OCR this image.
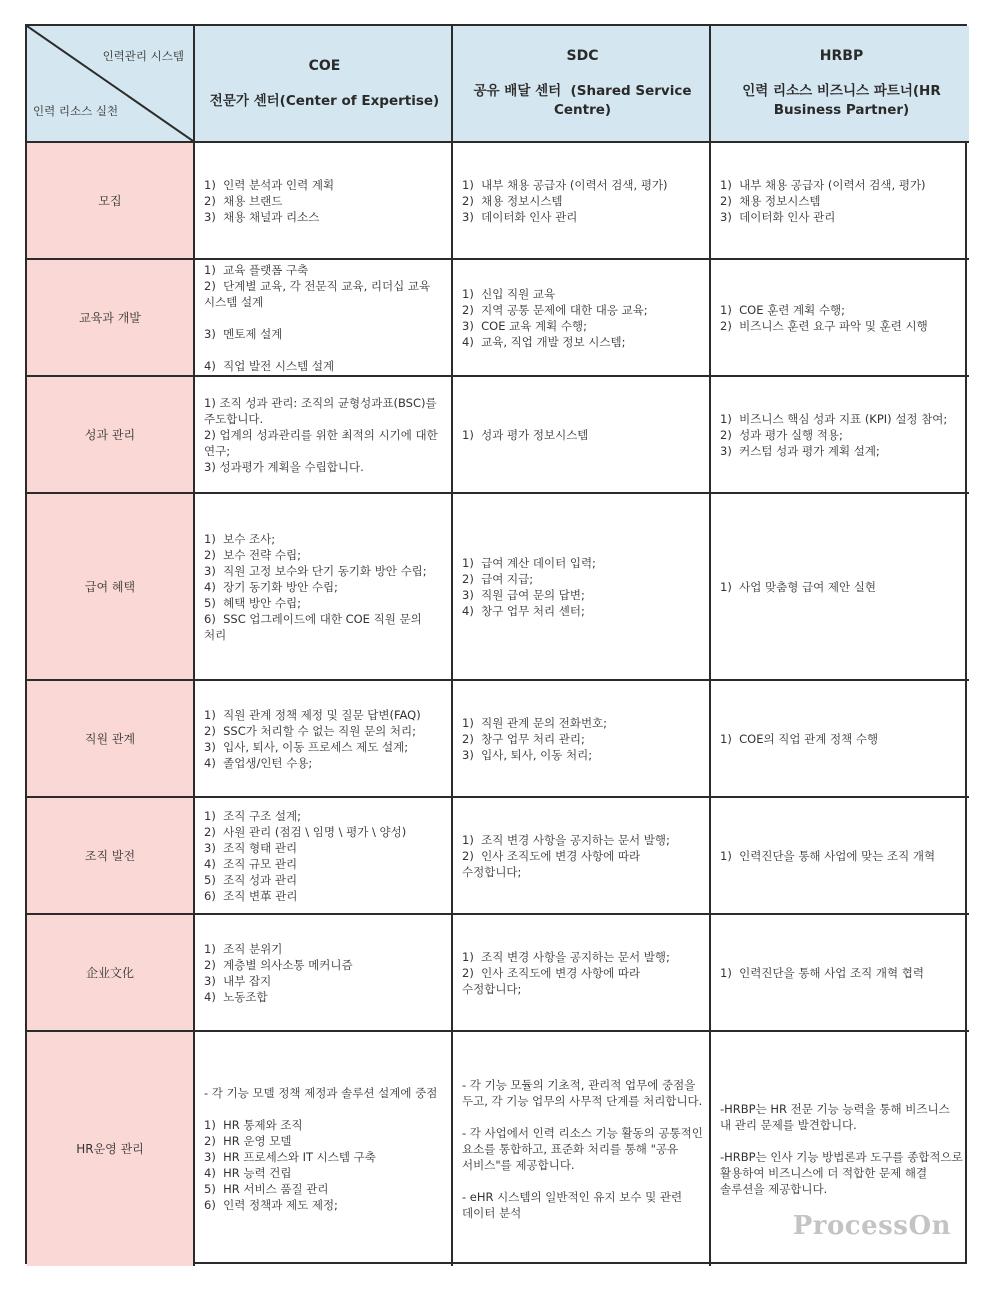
인력관리 시스템
인력 리소스 실천
COE
전문가 센터(Center of Expertise)
SDC
공유 배달 센터  (Shared Service Centre)
HRBP
인력 리소스 비즈니스 파트너(HR Business Partner)
모집
1)  인력 분석과 인력 계획
2)  채용 브랜드
3)  채용 채널과 리소스
1)  내부 채용 공급자 (이력서 검색, 평가)
2)  채용 정보시스템
3)  데이터화 인사 관리
1)  내부 채용 공급자 (이력서 검색, 평가)
2)  채용 정보시스템
3)  데이터화 인사 관리
교육과 개발
1)  교육 플랫폼 구축
2)  단계별 교육, 각 전문직 교육, 리더십 교육 시스템 설계

3)  멘토제 설계

4)  직업 발전 시스템 설계
1)  신입 직원 교육
2)  지역 공통 문제에 대한 대응 교육;
3)  COE 교육 계획 수행;
4)  교육, 직업 개발 정보 시스템;
1)  COE 훈련 계획 수행;
2)  비즈니스 훈련 요구 파악 및 훈련 시행
성과 관리
1) 조직 성과 관리: 조직의 균형성과표(BSC)를 주도합니다.
2) 업계의 성과관리를 위한 최적의 시기에 대한 연구;
3) 성과평가 계획을 수립합니다.
1)  성과 평가 정보시스템
1)  비즈니스 핵심 성과 지표 (KPI) 설정 참여;
2)  성과 평가 실행 적용;
3)  커스텀 성과 평가 계획 설계;
급여 혜택
1)  보수 조사;
2)  보수 전략 수립;
3)  직원 고정 보수와 단기 동기화 방안 수립;
4)  장기 동기화 방안 수립;
5)  혜택 방안 수립;
6)  SSC 업그레이드에 대한 COE 직원 문의 처리
1)  급여 계산 데이터 입력;
2)  급여 지급;
3)  직원 급여 문의 답변;
4)  창구 업무 처리 센터;
1)  사업 맞춤형 급여 제안 실현
직원 관계
1)  직원 관계 정책 제정 및 질문 답변(FAQ)
2)  SSC가 처리할 수 없는 직원 문의 처리;
3)  입사, 퇴사, 이동 프로세스 제도 설계;
4)  졸업생/인턴 수용;
1)  직원 관계 문의 전화번호;
2)  창구 업무 처리 관리;
3)  입사, 퇴사, 이동 처리;
1)  COE의 직업 관계 정책 수행
조직 발전
1)  조직 구조 설계;
2)  사원 관리 (점검 \ 임명 \ 평가 \ 양성)
3)  조직 형태 관리
4)  조직 규모 관리
5)  조직 성과 관리
6)  조직 변革 관리
1)  조직 변경 사항을 공지하는 문서 발행;
2)  인사 조직도에 변경 사항에 따라 수정합니다;
1)  인력진단을 통해 사업에 맞는 조직 개혁
企业文化
1)  조직 분위기
2)  계층별 의사소통 메커니즘
3)  내부 잡지
4)  노동조합
1)  조직 변경 사항을 공지하는 문서 발행;
2)  인사 조직도에 변경 사항에 따라 수정합니다;
1)  인력진단을 통해 사업 조직 개혁 협력
HR운영 관리
- 각 기능 모델 정책 제정과 솔루션 설계에 중점

1)  HR 통제와 조직
2)  HR 운영 모델
3)  HR 프로세스와 IT 시스템 구축
4)  HR 능력 건립
5)  HR 서비스 품질 관리
6)  인력 정책과 제도 제정;
- 각 기능 모듈의 기초적, 관리적 업무에 중점을 두고, 각 기능 업무의 사무적 단계를 처리합니다.

- 각 사업에서 인력 리소스 기능 활동의 공통적인 요소를 통합하고, 표준화 처리를 통해 "공유 서비스"를 제공합니다.

- eHR 시스템의 일반적인 유지 보수 및 관련 데이터 분석
-HRBP는 HR 전문 기능 능력을 통해 비즈니스 내 관리 문제를 발견합니다.

-HRBP는 인사 기능 방법론과 도구를 종합적으로 활용하여 비즈니스에 더 적합한 문제 해결 솔루션을 제공합니다.
ProcessOn
